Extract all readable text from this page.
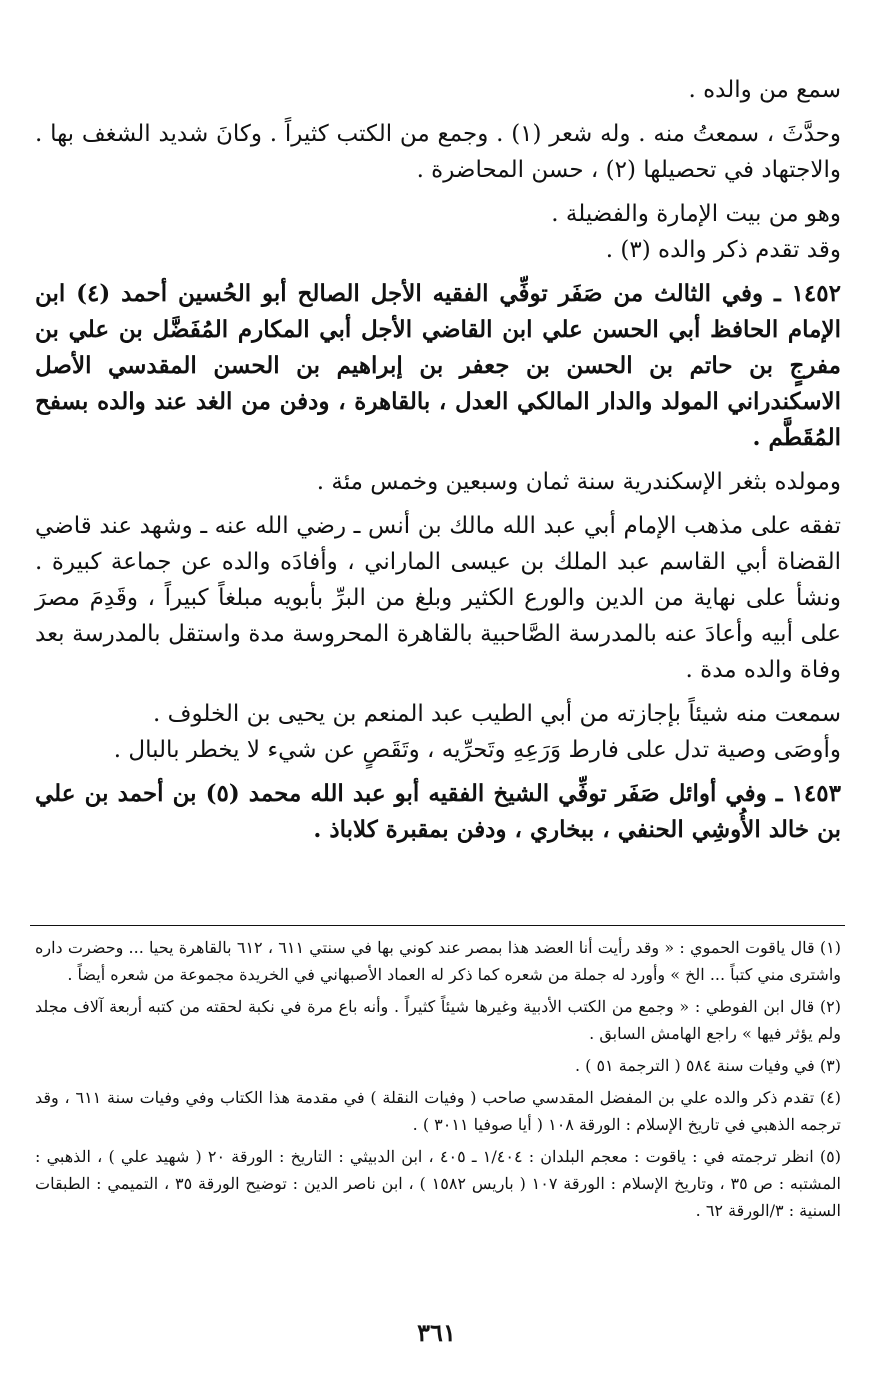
سمع من والده .

وحدَّثَ ، سمعتُ منه . وله شعر (١) . وجمع من الكتب كثيراً . وكانَ شديد الشغف بها . والاجتهاد في تحصيلها (٢) ، حسن المحاضرة .

وهو من بيت الإمارة والفضيلة .

وقد تقدم ذكر والده (٣) .

١٤٥٢ ـ وفي الثالث من صَفَر توفِّي الفقيه الأجل الصالح أبو الحُسين أحمد (٤) ابن الإمام الحافظ أبي الحسن علي ابن القاضي الأجل أبي المكارم المُفَضَّل بن علي بن مفرجٍ بن حاتم بن الحسن بن جعفر بن إبراهيم بن الحسن المقدسي الأصل الاسكندراني المولد والدار المالكي العدل ، بالقاهرة ، ودفن من الغد عند والده بسفح المُقَطَّم .

ومولده بثغر الإسكندرية سنة ثمان وسبعين وخمس مئة .

تفقه على مذهب الإمام أبي عبد الله مالك بن أنس ـ رضي الله عنه ـ وشهد عند قاضي القضاة أبي القاسم عبد الملك بن عيسى الماراني ، وأفادَه والده عن جماعة كبيرة . ونشأ على نهاية من الدين والورع الكثير وبلغ من البرِّ بأبويه مبلغاً كبيراً ، وقَدِمَ مصرَ على أبيه وأعادَ عنه بالمدرسة الصَّاحبية بالقاهرة المحروسة مدة واستقل بالمدرسة بعد وفاة والده مدة .

سمعت منه شيئاً بإجازته من أبي الطيب عبد المنعم بن يحيى بن الخلوف .

وأوصَى وصية تدل على فارط وَرَعِهِ وتَحرِّيه ، وتَقَصٍ عن شيء لا يخطر بالبال .

١٤٥٣ ـ وفي أوائل صَفَر توفِّي الشيخ الفقيه أبو عبد الله محمد (٥) بن أحمد بن علي بن خالد الأُوشِي الحنفي ، ببخاري ، ودفن بمقبرة كلاباذ .

(١) قال ياقوت الحموي : « وقد رأيت أنا العضد هذا بمصر عند كوني بها في سنتي ٦١١ ، ٦١٢ بالقاهرة يحيا ... وحضرت داره واشترى مني كتباً ... الخ » وأورد له جملة من شعره كما ذكر له العماد الأصبهاني في الخريدة مجموعة من شعره أيضاً .

(٢) قال ابن الفوطي : « وجمع من الكتب الأدبية وغيرها شيئاً كثيراً . وأنه باع مرة في نكبة لحقته من كتبه أربعة آلاف مجلد ولم يؤثر فيها » راجع الهامش السابق .

(٣) في وفيات سنة ٥٨٤ ( الترجمة ٥١ ) .

(٤) تقدم ذكر والده علي بن المفضل المقدسي صاحب ( وفيات النقلة ) في مقدمة هذا الكتاب وفي وفيات سنة ٦١١ ، وقد ترجمه الذهبي في تاريخ الإسلام : الورقة ١٠٨ ( أيا صوفيا ٣٠١١ ) .

(٥) انظر ترجمته في : ياقوت : معجم البلدان : ١/٤٠٤ ـ ٤٠٥ ، ابن الدبيثي : التاريخ : الورقة ٢٠ ( شهيد علي ) ، الذهبي : المشتبه : ص ٣٥ ، وتاريخ الإسلام : الورقة ١٠٧ ( باريس ١٥٨٢ ) ، ابن ناصر الدين : توضيح الورقة ٣٥ ، التميمي : الطبقات السنية : ٣/الورقة ٦٢ .

٣٦١
